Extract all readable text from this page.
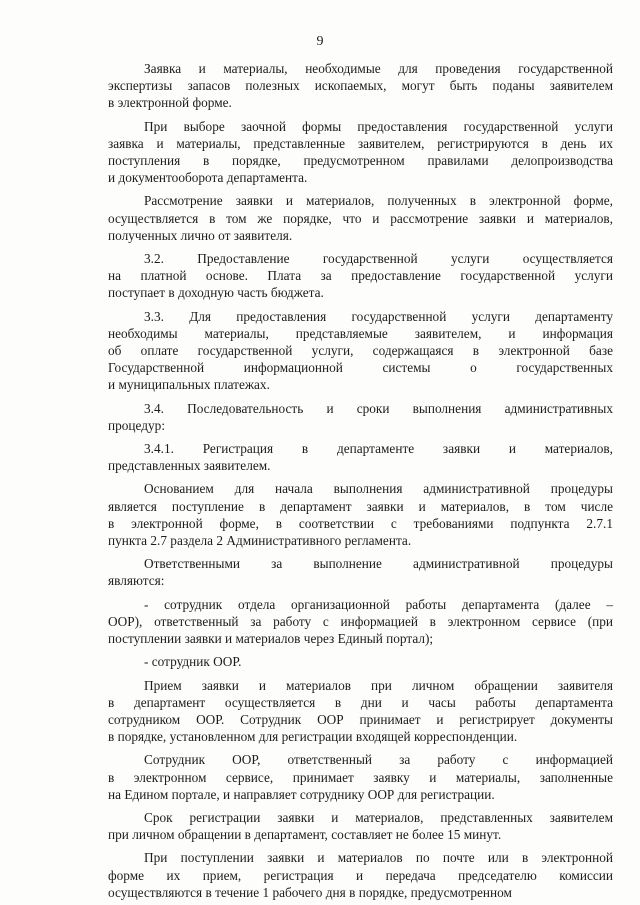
9
Заявка и материалы, необходимые для проведения государственной
экспертизы запасов полезных ископаемых, могут быть поданы заявителем
в электронной форме.
При выборе заочной формы предоставления государственной услуги
заявка и материалы, представленные заявителем, регистрируются в день их
поступления в порядке, предусмотренном правилами делопроизводства
и документооборота департамента.
Рассмотрение заявки и материалов, полученных в электронной форме,
осуществляется в том же порядке, что и рассмотрение заявки и материалов,
полученных лично от заявителя.
3.2. Предоставление государственной услуги осуществляется
на платной основе. Плата за предоставление государственной услуги
поступает в доходную часть бюджета.
3.3. Для предоставления государственной услуги департаменту
необходимы материалы, представляемые заявителем, и информация
об оплате государственной услуги, содержащаяся в электронной базе
Государственной информационной системы о государственных
и муниципальных платежах.
3.4. Последовательность и сроки выполнения административных
процедур:
3.4.1. Регистрация в департаменте заявки и материалов,
представленных заявителем.
Основанием для начала выполнения административной процедуры
является поступление в департамент заявки и материалов, в том числе
в электронной форме, в соответствии с требованиями подпункта 2.7.1
пункта 2.7 раздела 2 Административного регламента.
Ответственными за выполнение административной процедуры
являются:
- сотрудник отдела организационной работы департамента (далее –
ООР), ответственный за работу с информацией в электронном сервисе (при
поступлении заявки и материалов через Единый портал);
- сотрудник ООР.
Прием заявки и материалов при личном обращении заявителя
в департамент осуществляется в дни и часы работы департамента
сотрудником ООР. Сотрудник ООР принимает и регистрирует документы
в порядке, установленном для регистрации входящей корреспонденции.
Сотрудник ООР, ответственный за работу с информацией
в электронном сервисе, принимает заявку и материалы, заполненные
на Едином портале, и направляет сотруднику ООР для регистрации.
Срок регистрации заявки и материалов, представленных заявителем
при личном обращении в департамент, составляет не более 15 минут.
При поступлении заявки и материалов по почте или в электронной
форме их прием, регистрация и передача председателю комиссии
осуществляются в течение 1 рабочего дня в порядке, предусмотренном
